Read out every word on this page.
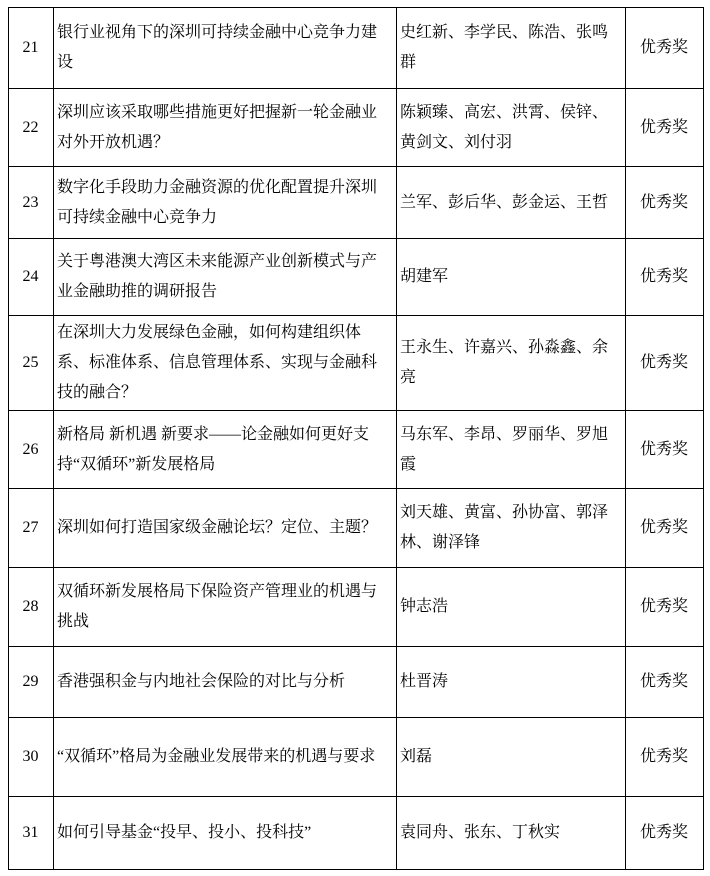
21	银行业视角下的深圳可持续金融中心竞争力建设	史红新、李学民、陈浩、张鸣群	优秀奖
22	深圳应该采取哪些措施更好把握新一轮金融业对外开放机遇？	陈颖臻、高宏、洪霄、侯锌、黄剑文、刘付羽	优秀奖
23	数字化手段助力金融资源的优化配置提升深圳可持续金融中心竞争力	兰军、彭后华、彭金运、王哲	优秀奖
24	关于粤港澳大湾区未来能源产业创新模式与产业金融助推的调研报告	胡建军	优秀奖
25	在深圳大力发展绿色金融，如何构建组织体系、标准体系、信息管理体系、实现与金融科技的融合？	王永生、许嘉兴、孙淼鑫、余亮	优秀奖
26	新格局 新机遇 新要求——论金融如何更好支持“双循环”新发展格局	马东军、李昂、罗丽华、罗旭霞	优秀奖
27	深圳如何打造国家级金融论坛？定位、主题？	刘天雄、黄富、孙协富、郭泽林、谢泽锋	优秀奖
28	双循环新发展格局下保险资产管理业的机遇与挑战	钟志浩	优秀奖
29	香港强积金与内地社会保险的对比与分析	杜晋涛	优秀奖
30	“双循环”格局为金融业发展带来的机遇与要求	刘磊	优秀奖
31	如何引导基金“投早、投小、投科技”	袁同舟、张东、丁秋实	优秀奖
